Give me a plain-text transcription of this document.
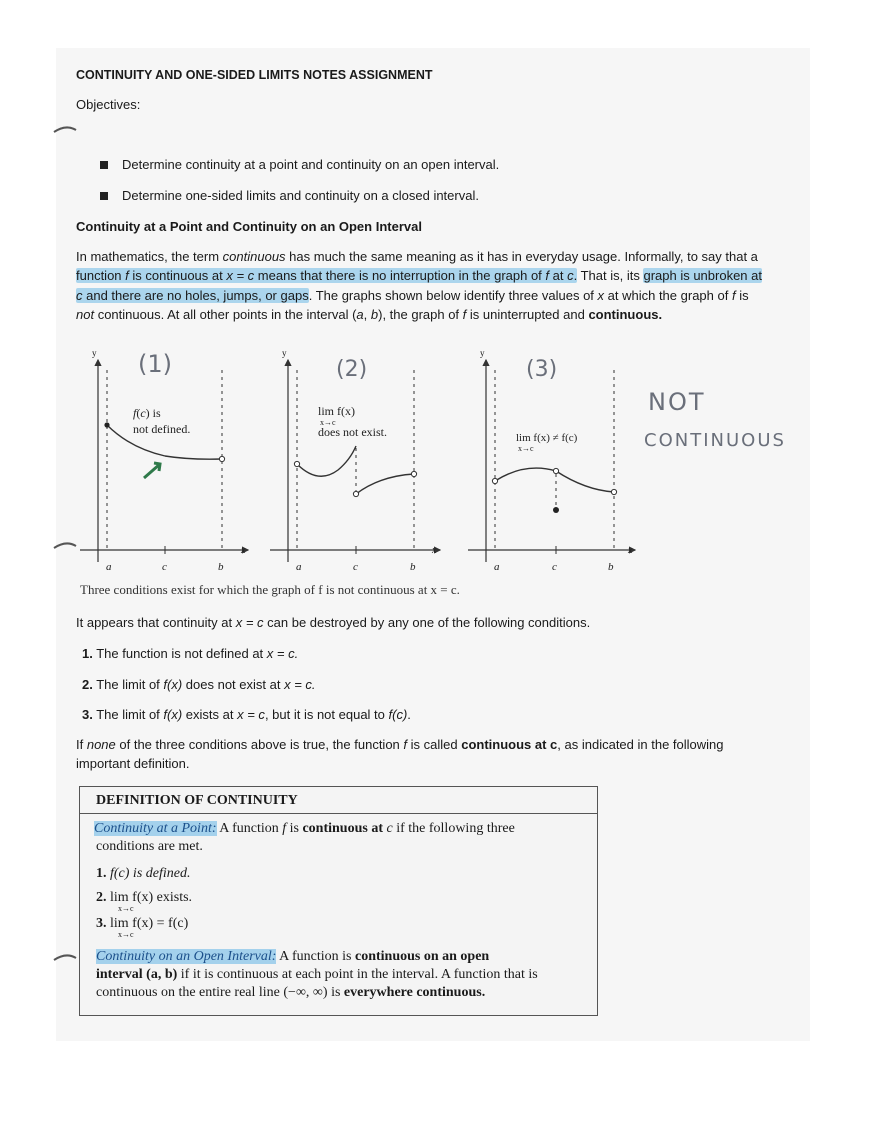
CONTINUITY AND ONE-SIDED LIMITS NOTES ASSIGNMENT
Objectives:
Determine continuity at a point and continuity on an open interval.
Determine one-sided limits and continuity on a closed interval.
Continuity at a Point and Continuity on an Open Interval
In mathematics, the term continuous has much the same meaning as it has in everyday usage. Informally, to say that a
function f is continuous at x = c means that there is no interruption in the graph of f at c. That is, its graph is unbroken at
c and there are no holes, jumps, or gaps. The graphs shown below identify three values of x at which the graph of f is
not continuous. At all other points in the interval (a, b), the graph of f is uninterrupted and continuous.
y
x
a	c	b
f(c) is
not defined.
(1)	y
x
a	c	b
lim f(x)
x→c
does not exist.
(2)
y
x
a	c	b
lim f(x) ≠ f(c)
x→c
(3)
NOT
CONTINUOUS
Three conditions exist for which the graph of f is not continuous at x = c.
It appears that continuity at x = c can be destroyed by any one of the following conditions.
1. The function is not defined at x = c.
2. The limit of f(x) does not exist at x = c.
3. The limit of f(x) exists at x = c, but it is not equal to f(c).
If none of the three conditions above is true, the function f is called continuous at c, as indicated in the following
important definition.
DEFINITION OF CONTINUITY
Continuity at a Point: A function f is continuous at c if the following three
conditions are met.
1. f(c) is defined.
2. lim f(x) exists.
x→c
3. lim f(x) = f(c)
x→c
Continuity on an Open Interval: A function is continuous on an open
interval (a, b) if it is continuous at each point in the interval. A function that is
continuous on the entire real line (−∞, ∞) is everywhere continuous.
